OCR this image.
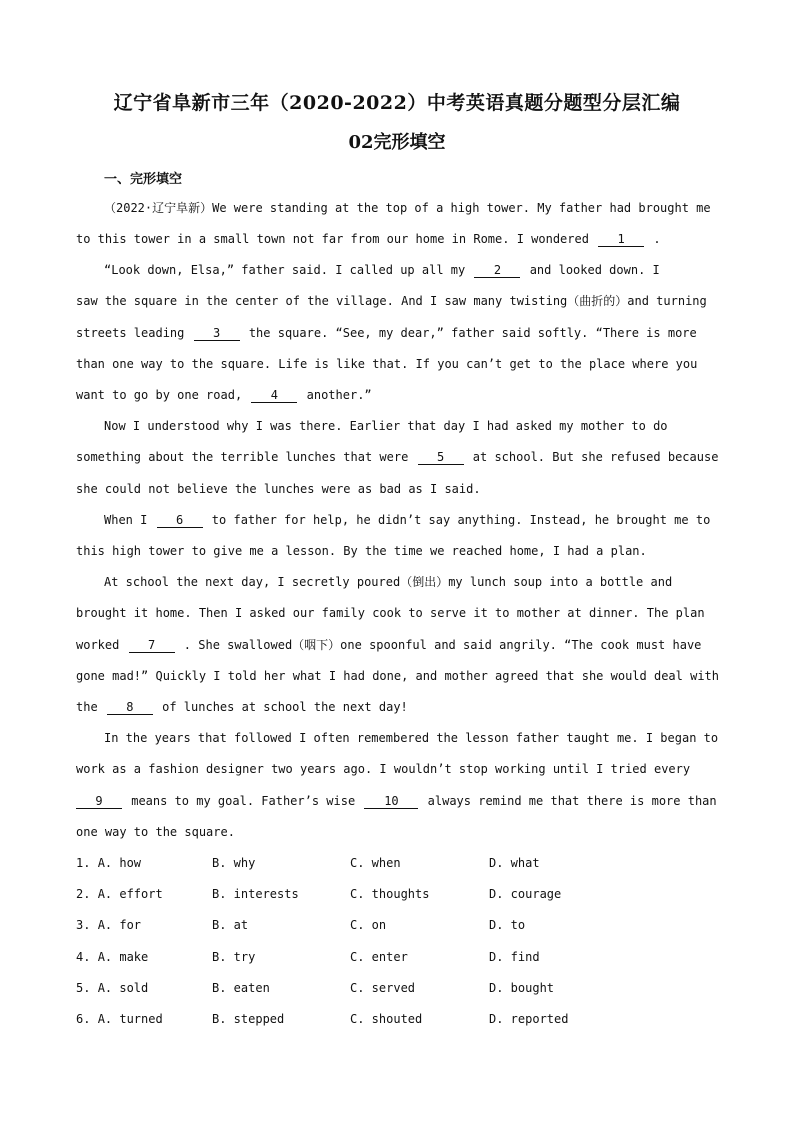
辽宁省阜新市三年（2020-2022）中考英语真题分题型分层汇编
02完形填空
一、完形填空
（2022·辽宁阜新）We were standing at the top of a high tower. My father had brought me
to this tower in a small town not far from our home in Rome. I wondered 1 .
“Look down, Elsa,” father said. I called up all my 2 and looked down. I
saw the square in the center of the village. And I saw many twisting（曲折的）and turning
streets leading 3 the square. “See, my dear,” father said softly. “There is more
than one way to the square. Life is like that. If you can’t get to the place where you
want to go by one road, 4 another.”
Now I understood why I was there. Earlier that day I had asked my mother to do
something about the terrible lunches that were 5 at school. But she refused because
she could not believe the lunches were as bad as I said.
When I 6 to father for help, he didn’t say anything. Instead, he brought me to
this high tower to give me a lesson. By the time we reached home, I had a plan.
At school the next day, I secretly poured（倒出）my lunch soup into a bottle and
brought it home. Then I asked our family cook to serve it to mother at dinner. The plan
worked 7 . She swallowed（咽下）one spoonful and said angrily. “The cook must have
gone mad!” Quickly I told her what I had done, and mother agreed that she would deal with
the 8 of lunches at school the next day!
In the years that followed I often remembered the lesson father taught me. I began to
work as a fashion designer two years ago. I wouldn’t stop working until I tried every
9 means to my goal. Father’s wise 10 always remind me that there is more than
one way to the square.
1. A. how	B. why	C. when	D. what
2. A. effort	B. interests	C. thoughts	D. courage
3. A. for	B. at	C. on	D. to
4. A. make	B. try	C. enter	D. find
5. A. sold	B. eaten	C. served	D. bought
6. A. turned	B. stepped	C. shouted	D. reported
